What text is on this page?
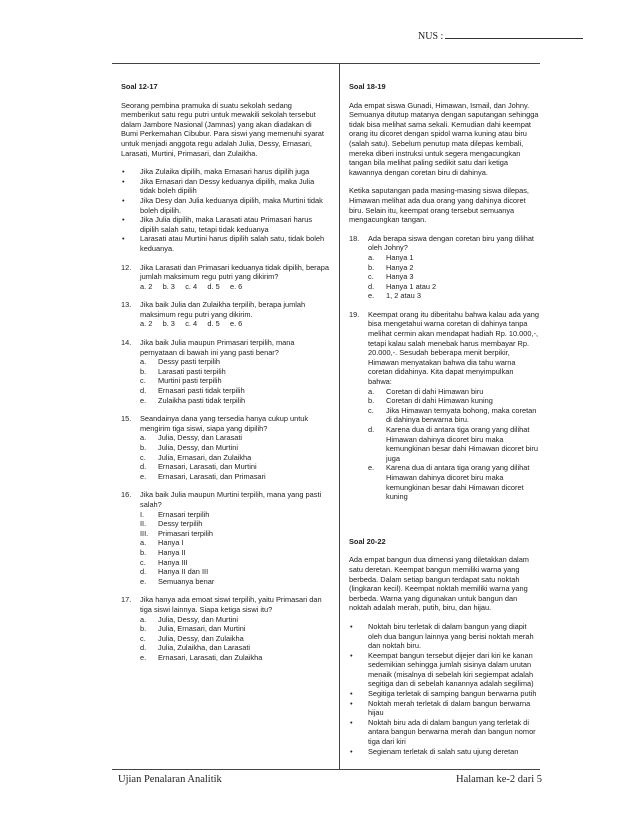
NUS :
Soal 12-17

Seorang pembina pramuka di suatu sekolah sedang memberikut satu regu putri untuk mewakili sekolah tersebut dalam Jambore Nasional (Jamnas) yang akan diadakan di Bumi Perkemahan Cibubur. Para siswi yang memenuhi syarat untuk menjadi anggota regu adalah Julia, Dessy, Ernasari, Larasati, Murtini, Primasari, dan Zulaikha.

• Jika Zulaika dipilih, maka Ernasari harus dipilih juga
• Jika Ernasari dan Dessy keduanya dipilih, maka Julia tidak boleh dipilih
• Jika Desy dan Julia keduanya dipilih, maka Murtini tidak boleh dipilih.
• Jika Julia dipilih, maka Larasati atau Primasari harus dipilih salah satu, tetapi tidak keduanya
• Larasati atau Murtini harus dipilih salah satu, tidak boleh keduanya.
12. Jika Larasati dan Primasari keduanya tidak dipilih, berapa jumlah maksimum regu putri yang dikirim?
a. 2     b. 3     c. 4     d. 5     e. 6
13. Jika baik Julia dan Zulaikha terpilih, berapa jumlah maksimum regu putri yang dikirim.
a. 2     b. 3     c. 4     d. 5     e. 6
14. Jika baik Julia maupun Primasari terpilih, mana pernyataan di bawah ini yang pasti benar?
a. Dessy pasti terpilih
b. Larasati pasti terpilih
c. Murtini pasti terpilih
d. Ernasari pasti tidak terpilih
e. Zulaikha pasti tidak terpilih
15. Seandainya dana yang tersedia hanya cukup untuk mengirim tiga siswi, siapa yang dipilih?
a. Julia, Dessy, dan Larasati
b. Julia, Dessy, dan Murtini
c. Julia, Ernasari, dan Zulaikha
d. Ernasari, Larasati, dan Murtini
e. Ernasari, Larasati, dan Primasari
16. Jika baik Julia maupun Murtini terpilih, mana yang pasti salah?
I. Ernasari terpilih
II. Dessy terpilih
III. Primasari terpilih
a. Hanya I
b. Hanya II
c. Hanya III
d. Hanya II dan III
e. Semuanya benar
17. Jika hanya ada emoat siswi terpilih, yaitu Primasari dan tiga siswi lainnya. Siapa ketiga siswi itu?
a. Julia, Dessy, dan Murtini
b. Julia, Ernasari, dan Murtini
c. Julia, Dessy, dan Zulaikha
d. Julia, Zulaikha, dan Larasati
e. Ernasari, Larasati, dan Zulaikha
Soal 18-19

Ada empat siswa Gunadi, Himawan, Ismail, dan Johny. Semuanya ditutup matanya dengan saputangan sehingga tidak bisa melihat sama sekali. Kemudian dahi keempat orang itu dicoret dengan spidol warna kuning atau biru (salah satu). Sebelum penutup mata dilepas kembali, mereka diberi instruksi untuk segera mengacungkan tangan bila melihat paling sedikit satu dari ketiga kawannya dengan coretan biru di dahinya.

Ketika saputangan pada masing-masing siswa dilepas, Himawan melihat ada dua orang yang dahinya dicoret biru. Selain itu, keempat orang tersebut semuanya mengacungkan tangan.

18. Ada berapa siswa dengan coretan biru yang dilihat oleh Johny?
a. Hanya 1
b. Hanya 2
c. Hanya 3
d. Hanya 1 atau 2
e. 1, 2 atau 3
19. Keempat orang itu diberitahu bahwa kalau ada yang bisa mengetahui warna coretan di dahinya tanpa melihat cermin akan mendapat hadiah Rp. 10.000,-, tetapi kalau salah menebak harus membayar Rp. 20.000,-. Sesudah beberapa menit berpikir, Himawan menyatakan bahwa dia tahu warna coretan didahinya. Kita dapat menyimpulkan bahwa:
a. Coretan di dahi Himawan biru
b. Coretan di dahi Himawan kuning
c. Jika Himawan ternyata bohong, maka coretan di dahinya berwarna biru.
d. Karena dua di antara tiga orang yang dilihat Himawan dahinya dicoret biru maka kemungkinan besar dahi Himawan dicoret biru juga
e. Karena dua di antara tiga orang yang dilihat Himawan dahinya dicoret biru maka kemungkinan besar dahi Himawan dicoret kuning
Soal 20-22

Ada empat bangun dua dimensi yang diletakkan dalam satu deretan. Keempat bangun memiliki warna yang berbeda. Dalam setiap bangun terdapat satu noktah (lingkaran kecil). Keempat noktah memiliki warna yang berbeda. Warna yang digunakan untuk bangun dan noktah adalah merah, putih, biru, dan hijau.

• Noktah biru terletak di dalam bangun yang diapit oleh dua bangun lainnya yang berisi noktah merah dan noktah biru.
• Keempat bangun tersebut dijejer dari kiri ke kanan sedemikian sehingga jumlah sisinya dalam urutan menaik (misalnya di sebelah kiri segiempat adalah segitiga dan di sebelah kanannya adalah segilima)
• Segitiga terletak di samping bangun berwarna putih
• Noktah merah terletak di dalam bangun berwarna hijau
• Noktah biru ada di dalam bangun yang terletak di antara bangun berwarna merah dan bangun nomor tiga dari kiri
• Segienam terletak di salah satu ujung deretan
Ujian Penalaran Analitik	Halaman ke-2 dari 5
